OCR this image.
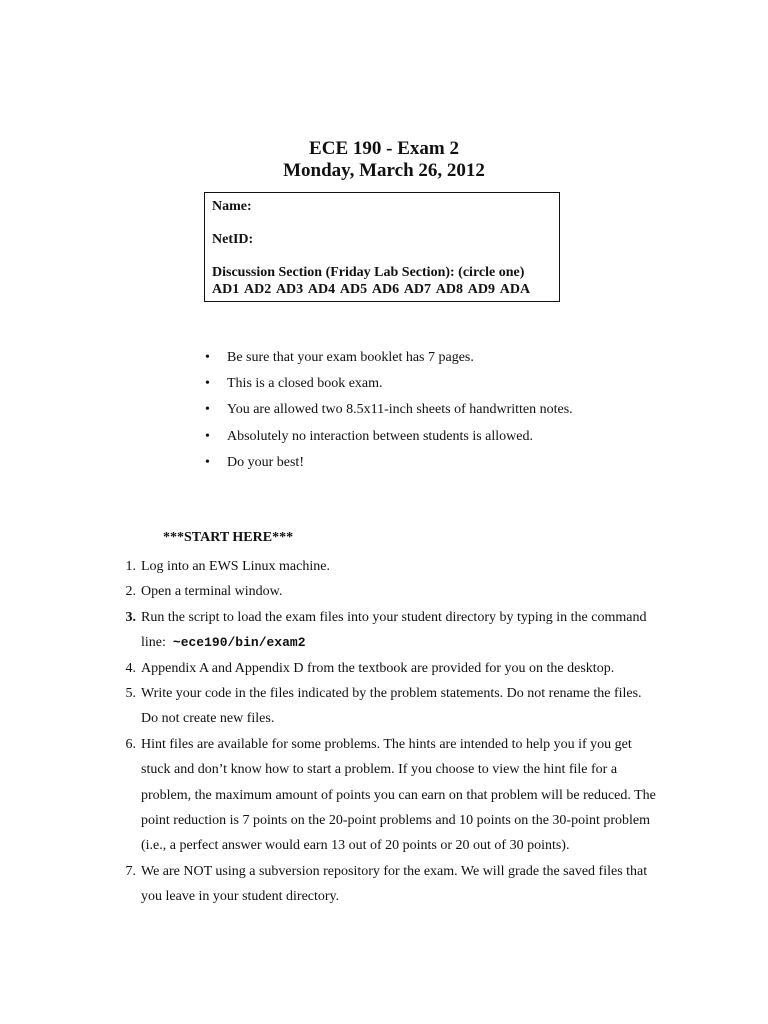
ECE 190 - Exam 2
Monday, March 26, 2012
Name:
NetID:
Discussion Section (Friday Lab Section): (circle one)
AD1 AD2 AD3 AD4 AD5 AD6 AD7 AD8 AD9 ADA
• Be sure that your exam booklet has 7 pages.
• This is a closed book exam.
• You are allowed two 8.5x11-inch sheets of handwritten notes.
• Absolutely no interaction between students is allowed.
• Do your best!
***START HERE***
1. Log into an EWS Linux machine.
2. Open a terminal window.
3. Run the script to load the exam files into your student directory by typing in the command
line:  ~ece190/bin/exam2
4. Appendix A and Appendix D from the textbook are provided for you on the desktop.
5. Write your code in the files indicated by the problem statements. Do not rename the files.
Do not create new files.
6. Hint files are available for some problems. The hints are intended to help you if you get
stuck and don’t know how to start a problem. If you choose to view the hint file for a
problem, the maximum amount of points you can earn on that problem will be reduced. The
point reduction is 7 points on the 20-point problems and 10 points on the 30-point problem
(i.e., a perfect answer would earn 13 out of 20 points or 20 out of 30 points).
7. We are NOT using a subversion repository for the exam. We will grade the saved files that
you leave in your student directory.
